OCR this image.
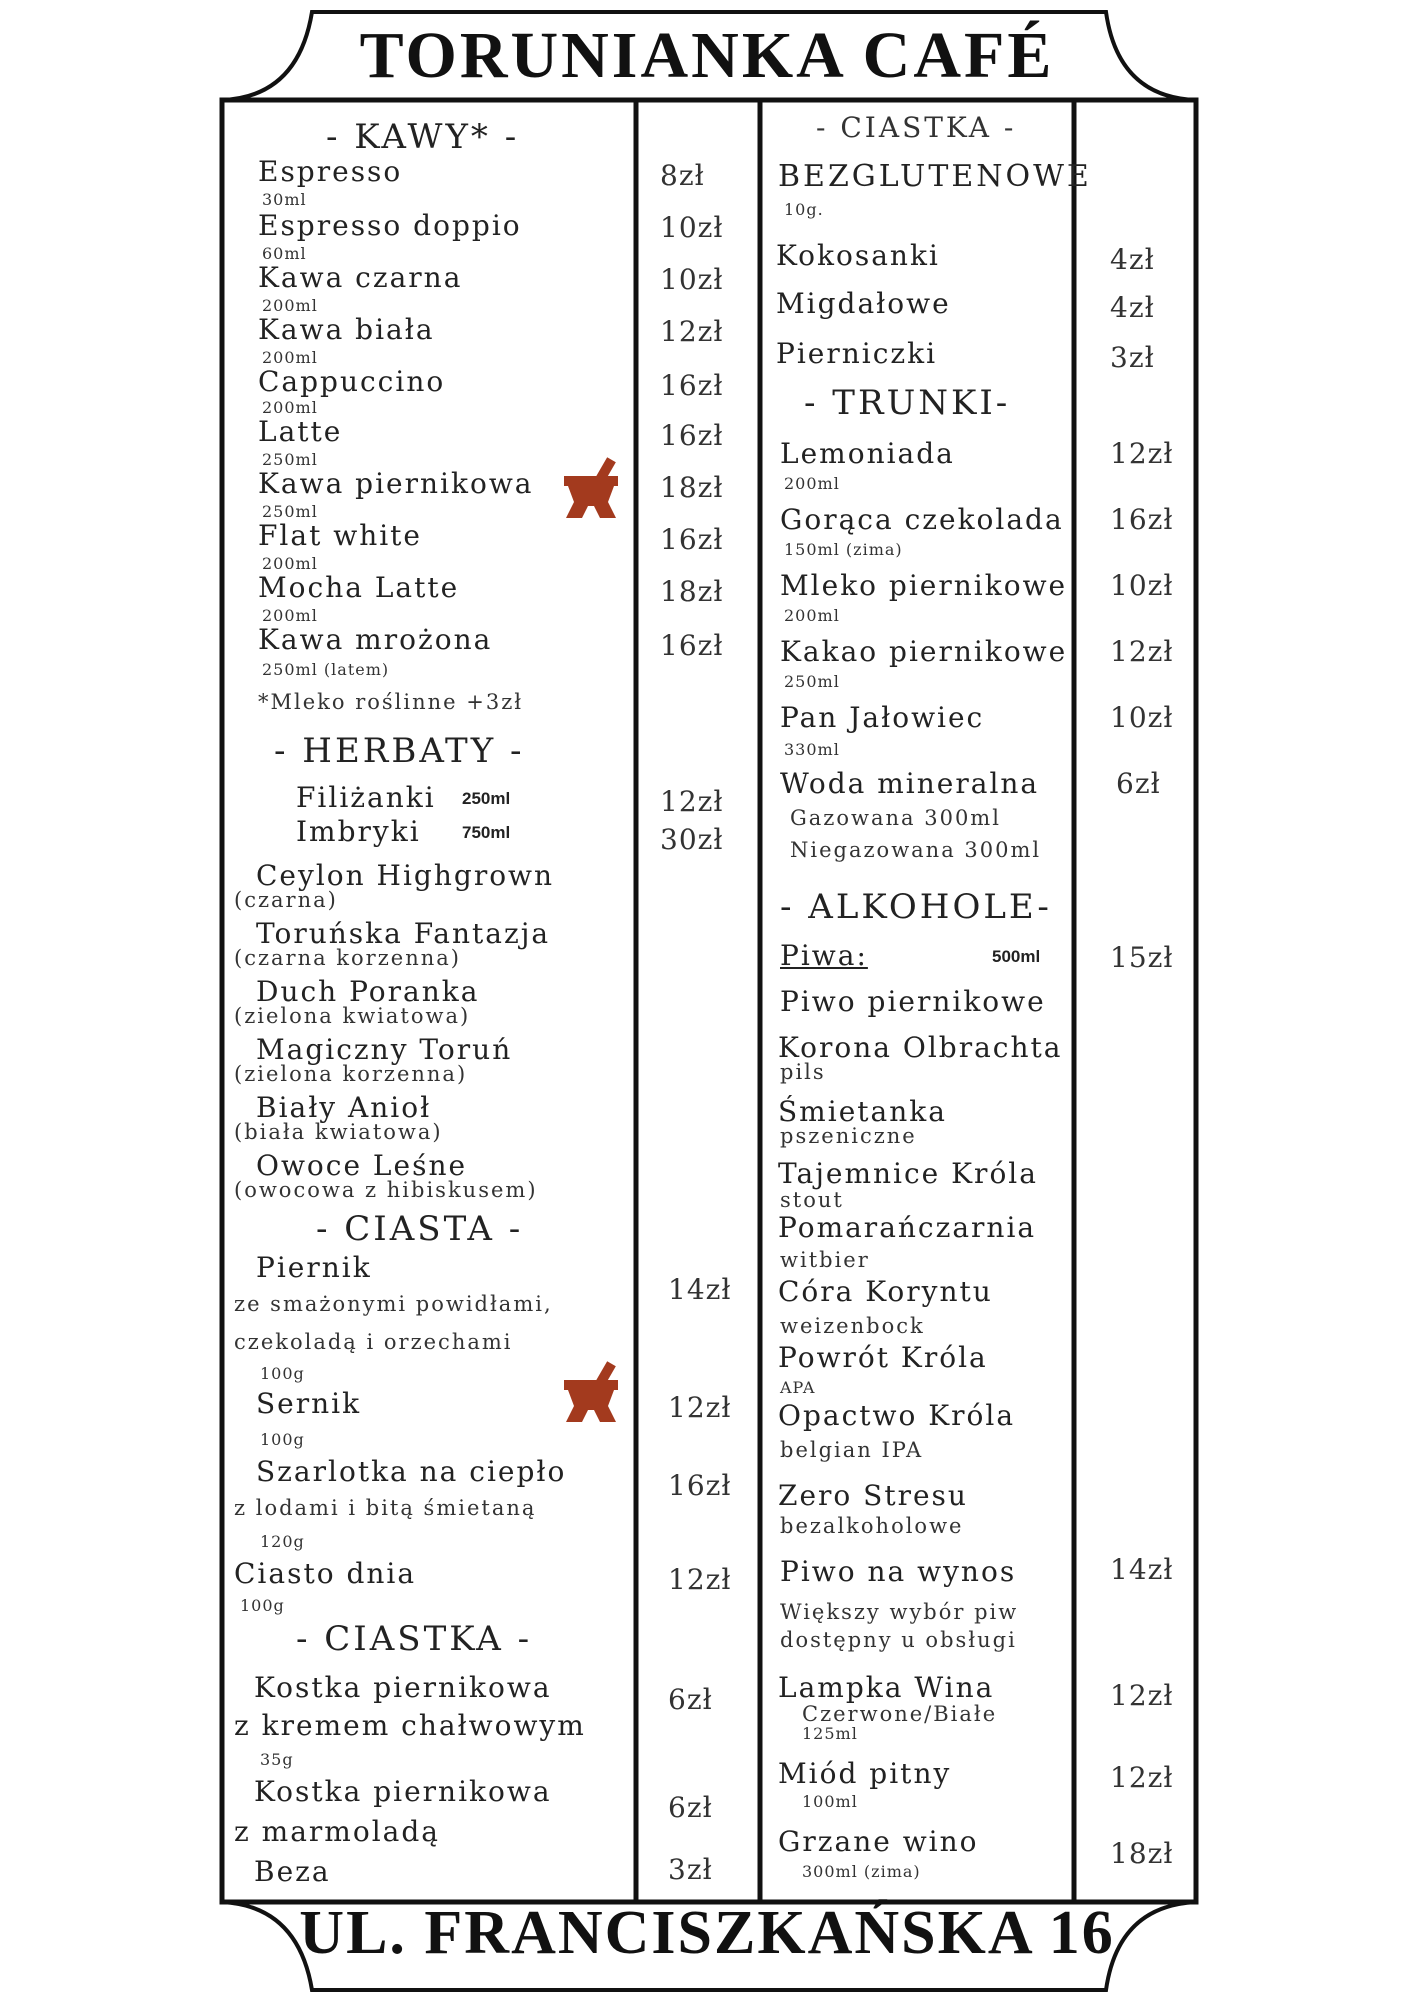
TORUNIANKA CAFÉ
UL. FRANCISZKAŃSKA 16
- KAWY* -
Espresso
30ml
Espresso doppio
60ml
Kawa czarna
200ml
Kawa biała
200ml
Cappuccino
200ml
Latte
250ml
Kawa piernikowa
250ml
Flat white
200ml
Mocha Latte
200ml
Kawa mrożona
250ml (latem)
*Mleko roślinne +3zł
- HERBATY -
Filiżanki 250ml
Imbryki 750ml
Ceylon Highgrown
(czarna)
Toruńska Fantazja
(czarna korzenna)
Duch Poranka
(zielona kwiatowa)
Magiczny Toruń
(zielona korzenna)
Biały Anioł
(biała kwiatowa)
Owoce Leśne
(owocowa z hibiskusem)
- CIASTA -
Piernik
ze smażonymi powidłami,
czekoladą i orzechami
100g
Sernik
100g
Szarlotka na ciepło
z lodami i bitą śmietaną
120g
Ciasto dnia
100g
- CIASTKA -
Kostka piernikowa
z kremem chałwowym
35g
Kostka piernikowa
z marmoladą
Beza
8zł
10zł
10zł
12zł
16zł
16zł
18zł
16zł
18zł
16zł
12zł
30zł
14zł
12zł
16zł
12zł
6zł
6zł
3zł
- CIASTKA -
BEZGLUTENOWE
10g.
Kokosanki
Migdałowe
Pierniczki
- TRUNKI-
Lemoniada
200ml
Gorąca czekolada
150ml (zima)
Mleko piernikowe
200ml
Kakao piernikowe
250ml
Pan Jałowiec
330ml
Woda mineralna
Gazowana 300ml
Niegazowana 300ml
- ALKOHOLE-
Piwa:	500ml
Piwo piernikowe
Korona Olbrachta
pils
Śmietanka
pszeniczne
Tajemnice Króla
stout
Pomarańczarnia
witbier
Córa Koryntu
weizenbock
Powrót Króla
APA
Opactwo Króla
belgian IPA
Zero Stresu
bezalkoholowe
Piwo na wynos
Większy wybór piw
dostępny u obsługi
Lampka Wina
Czerwone/Białe
125ml
Miód pitny
100ml
Grzane wino
300ml (zima)
4zł
4zł
3zł
12zł
16zł
10zł
12zł
10zł
6zł
15zł
14zł
12zł
12zł
18zł
